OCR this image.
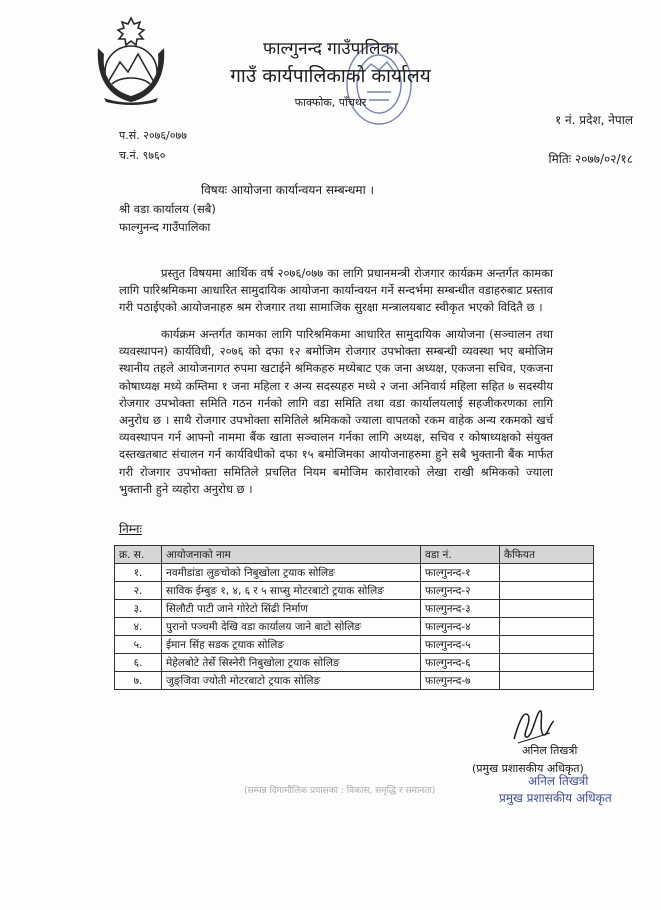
फाल्गुनन्द गाउँपालिका
गाउँ कार्यपालिकाको कार्यालय
फाक्फोक, पाँचथर
१ नं. प्रदेश, नेपाल
प.सं. २०७६/०७७
च.नं. ९७६०	मितिः २०७७/०२/१८
विषयः आयोजना कार्यान्वयन सम्बन्धमा ।
श्री वडा कार्यालय (सबै)
फाल्गुनन्द गाउँपालिका
प्रस्तुत विषयमा आर्थिक वर्ष २०७६/०७७ का लागि प्रधानमन्त्री रोजगार कार्यक्रम अन्तर्गत कामका लागि पारिश्रमिकमा आधारित सामुदायिक आयोजना कार्यान्वयन गर्ने सन्दर्भमा सम्बन्धीत वडाहरुबाट प्रस्ताव गरी पठाईएको आयोजनाहरु श्रम रोजगार तथा सामाजिक सुरक्षा मन्त्रालयबाट स्वीकृत भएको विदितै छ ।
कार्यक्रम अन्तर्गत कामका लागि पारिश्रमिकमा आधारित सामुदायिक आयोजना (सञ्चालन तथा व्यवस्थापन) कार्यविधी, २०७६ को दफा १२ बमोजिम रोजगार उपभोक्ता सम्बन्धी व्यवस्था भए बमोजिम स्थानीय तहले आयोजनागत रुपमा खटाईने श्रमिकहरु मध्येबाट एक जना अध्यक्ष, एकजना सचिव, एकजना कोषाध्यक्ष मध्ये कम्तिमा १ जना महिला र अन्य सदस्यहरु मध्ये २ जना अनिवार्य महिला सहित ७ सदस्यीय रोजगार उपभोक्ता समिति गठन गर्नको लागि वडा समिति तथा वडा कार्यालयलाई सहजीकरणका लागि अनुरोध छ । साथै रोजगार उपभोक्ता समितिले श्रमिकको ज्याला वापतको रकम वाहेक अन्य रकमको खर्च व्यवस्थापन गर्न आफ्नो नाममा बैंक खाता सञ्चालन गर्नका लागि अध्यक्ष, सचिव र कोषाध्यक्षको संयुक्त दस्तखतबाट संचालन गर्न कार्यविधीको दफा १५ बमोजिमका आयोजनाहरुमा हुने सबै भुक्तानी बैंक मार्फत गरी रोजगार उपभोक्ता समितिले प्रचलित नियम बमोजिम कारोवारको लेखा राखी श्रमिकको ज्याला भुक्तानी हुने व्यहोरा अनुरोध छ ।
निम्नः
क्र. स.	आयोजनाको नाम	वडा नं.	कैफियत
१.	नवमीडांडा लुङचोको निबुखोला ट्रयाक सोलिङ	फाल्गुनन्द-१	
२.	साविक ईम्बुङ १, ४, ६ र ५ साप्सु मोटरबाटो ट्रयाक सोलिङ	फाल्गुनन्द-२	
३.	सिलौटी पाटी जाने गोरेटो सिंढी निर्माण	फाल्गुनन्द-३	
४.	पुरानो पञ्चमी देखि वडा कार्यालय जाने बाटो सोलिङ	फाल्गुनन्द-४	
५.	ईमान सिंह सडक ट्रयाक सोलिङ	फाल्गुनन्द-५	
६.	मेहेलबोटे तेर्से सिस्नेरी निबुखोला ट्रयाक सोलिङ	फाल्गुनन्द-६	
७.	जुङ्जिवा ज्योती मोटरबाटो ट्रयाक सोलिङ	फाल्गुनन्द-७	
अनिल तिखत्री
(प्रमुख प्रशासकीय अधिकृत)
अनिल तिखत्री
प्रमुख प्रशासकीय अधिकृत
(सम्पन्न दिगामौलिक प्रयासका : विकास, समृद्धि र समानता)
